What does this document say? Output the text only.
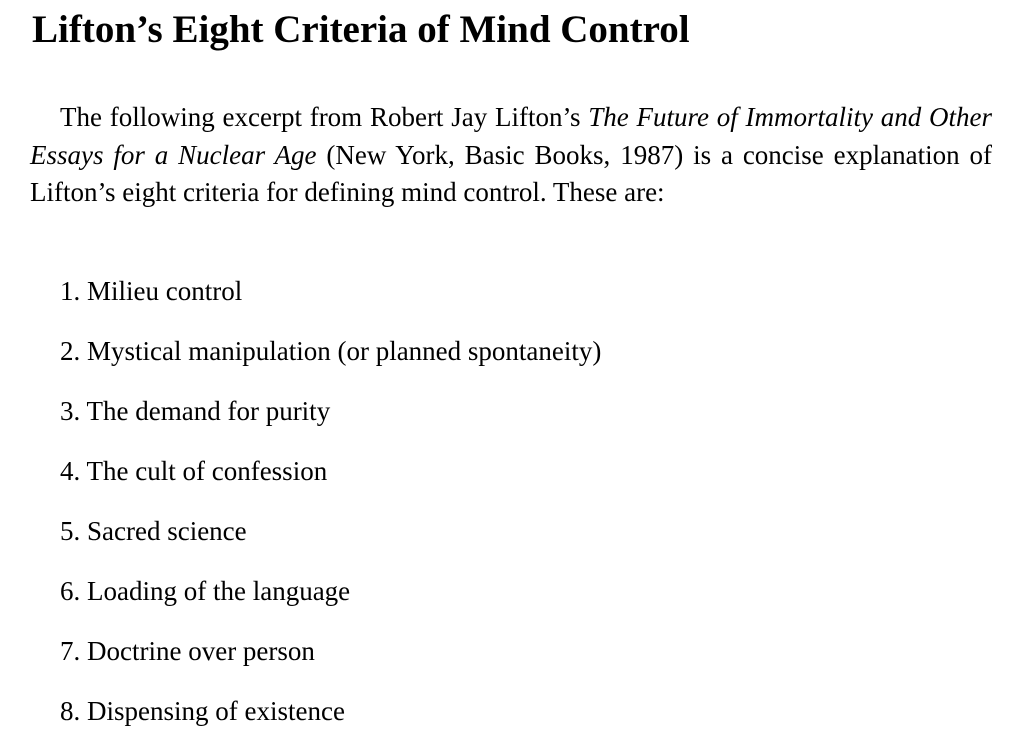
Lifton’s Eight Criteria of Mind Control

The following excerpt from Robert Jay Lifton’s The Future of Immortality and Other Essays for a Nuclear Age (New York, Basic Books, 1987) is a concise explanation of Lifton’s eight criteria for defining mind control. These are:

1. Milieu control
2. Mystical manipulation (or planned spontaneity)
3. The demand for purity
4. The cult of confession
5. Sacred science
6. Loading of the language
7. Doctrine over person
8. Dispensing of existence
